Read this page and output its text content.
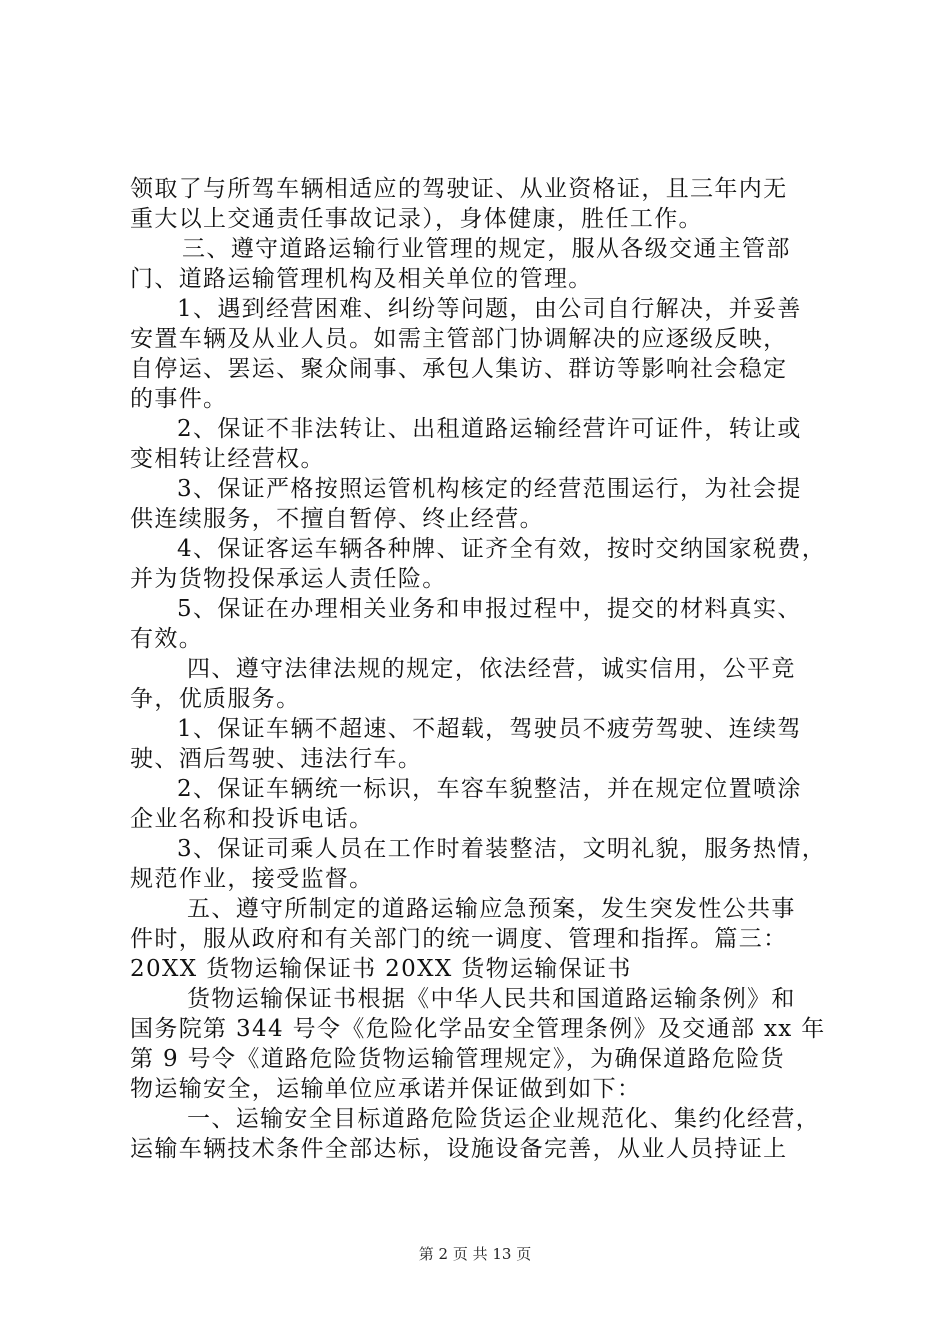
领取了与所驾车辆相适应的驾驶证、从业资格证，且三年内无
重大以上交通责任事故记录），身体健康，胜任工作。
三、遵守道路运输行业管理的规定，服从各级交通主管部
门、道路运输管理机构及相关单位的管理。
1、遇到经营困难、纠纷等问题，由公司自行解决，并妥善
安置车辆及从业人员。如需主管部门协调解决的应逐级反映，
自停运、罢运、聚众闹事、承包人集访、群访等影响社会稳定
的事件。
2、保证不非法转让、出租道路运输经营许可证件，转让或
变相转让经营权。
3、保证严格按照运管机构核定的经营范围运行，为社会提
供连续服务，不擅自暂停、终止经营。
4、保证客运车辆各种牌、证齐全有效，按时交纳国家税费，
并为货物投保承运人责任险。
5、保证在办理相关业务和申报过程中，提交的材料真实、
有效。
四、遵守法律法规的规定，依法经营，诚实信用，公平竞
争，优质服务。
1、保证车辆不超速、不超载，驾驶员不疲劳驾驶、连续驾
驶、酒后驾驶、违法行车。
2、保证车辆统一标识，车容车貌整洁，并在规定位置喷涂
企业名称和投诉电话。
3、保证司乘人员在工作时着装整洁，文明礼貌，服务热情，
规范作业，接受监督。
五、遵守所制定的道路运输应急预案，发生突发性公共事
件时，服从政府和有关部门的统一调度、管理和指挥。篇三：
20XX 货物运输保证书 20XX 货物运输保证书
货物运输保证书根据《中华人民共和国道路运输条例》和
国务院第 344 号令《危险化学品安全管理条例》及交通部 xx 年
第 9 号令《道路危险货物运输管理规定》，为确保道路危险货
物运输安全，运输单位应承诺并保证做到如下：
一、运输安全目标道路危险货运企业规范化、集约化经营，
运输车辆技术条件全部达标，设施设备完善，从业人员持证上
第 2 页 共 13 页
